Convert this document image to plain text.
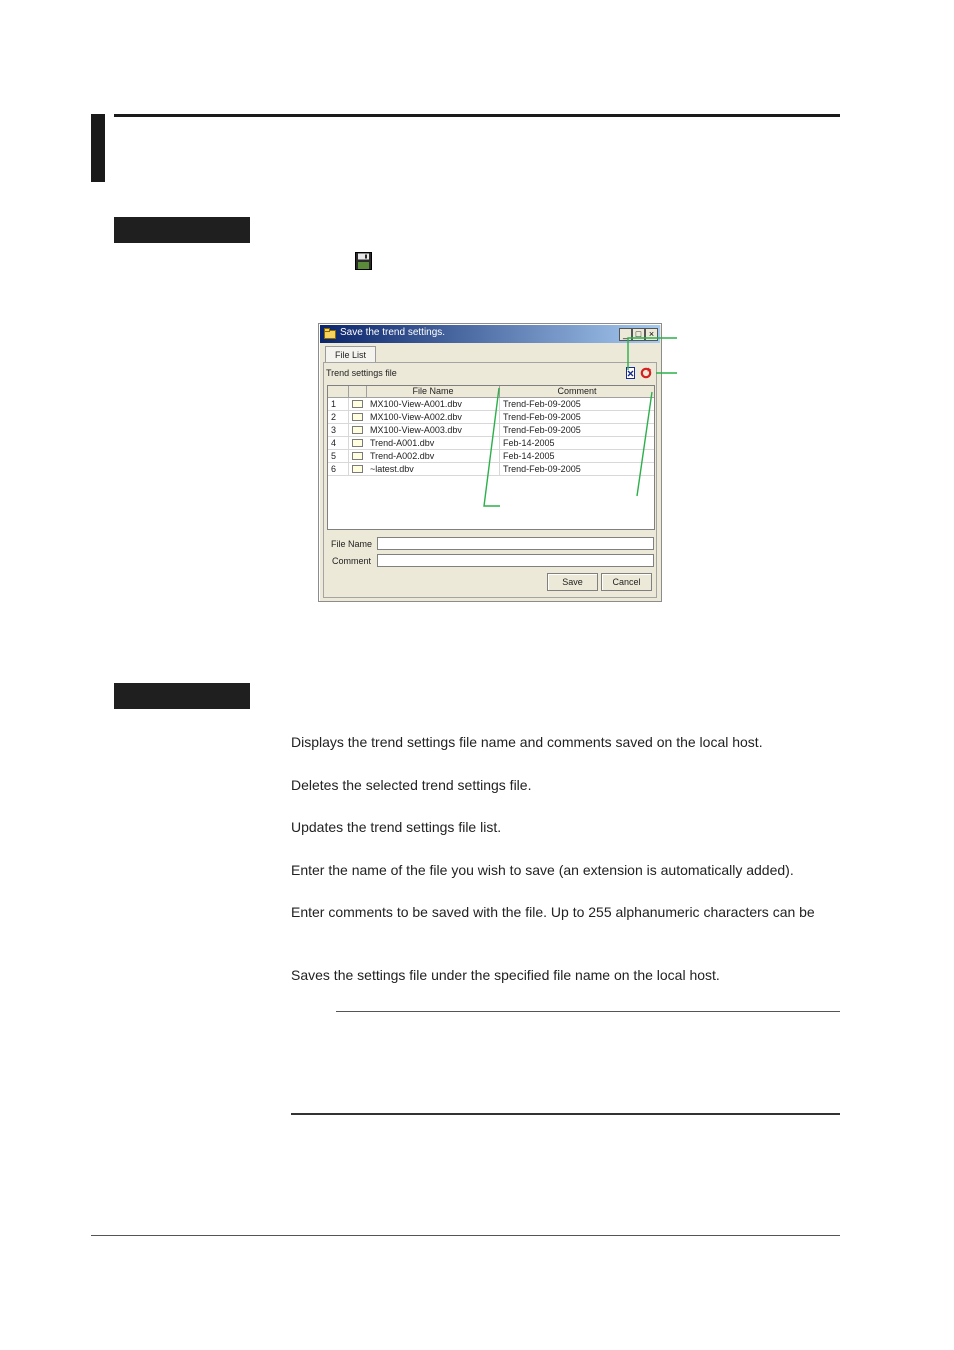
Save the trend settings.	_ □ ×
File List
Trend settings file
File Name	Comment
1	MX100-View-A001.dbv	Trend-Feb-09-2005
2	MX100-View-A002.dbv	Trend-Feb-09-2005
3	MX100-View-A003.dbv	Trend-Feb-09-2005
4	Trend-A001.dbv	Feb-14-2005
5	Trend-A002.dbv	Feb-14-2005
6	~latest.dbv	Trend-Feb-09-2005
File Name
Comment
Save	Cancel
Displays the trend settings file name and comments saved on the local host.
Deletes the selected trend settings file.
Updates the trend settings file list.
Enter the name of the file you wish to save (an extension is automatically added).
Enter comments to be saved with the file. Up to 255 alphanumeric characters can be
Saves the settings file under the specified file name on the local host.
